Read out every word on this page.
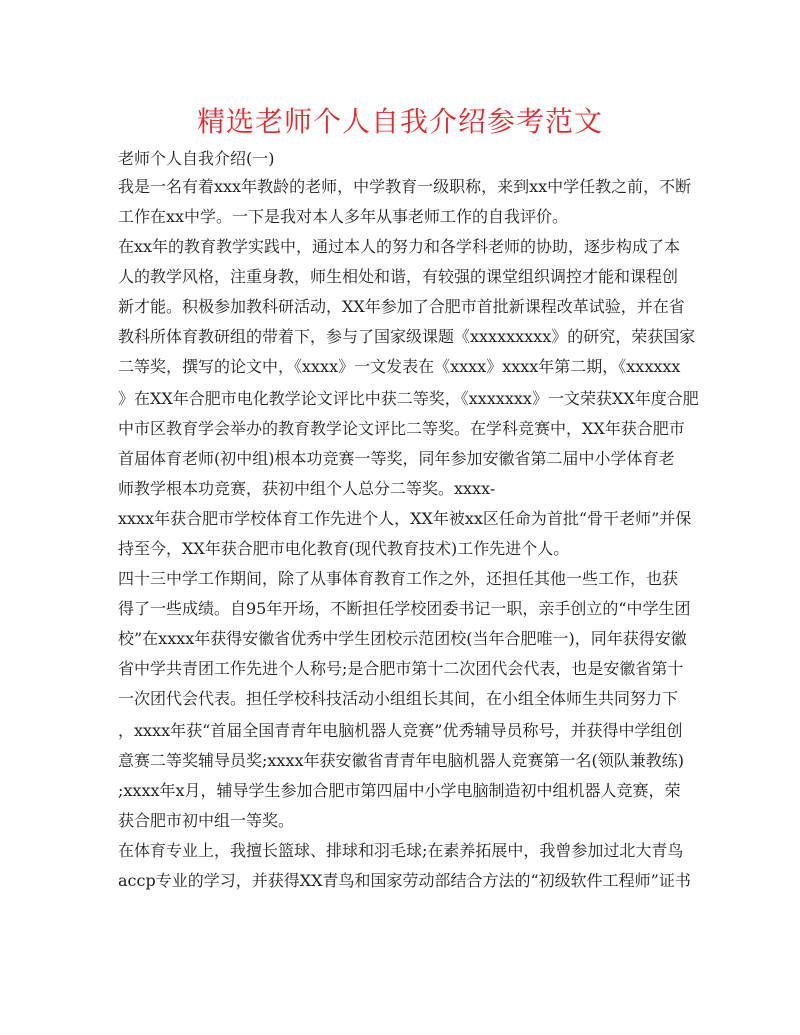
精选老师个人自我介绍参考范文
老师个人自我介绍(一)
我是一名有着xxx年教龄的老师，中学教育一级职称，来到xx中学任教之前，不断
工作在xx中学。一下是我对本人多年从事老师工作的自我评价。
在xx年的教育教学实践中，通过本人的努力和各学科老师的协助，逐步构成了本
人的教学风格，注重身教，师生相处和谐，有较强的课堂组织调控才能和课程创
新才能。积极参加教科研活动，XX年参加了合肥市首批新课程改革试验，并在省
教科所体育教研组的带着下，参与了国家级课题《xxxxxxxxx》的研究，荣获国家
二等奖，撰写的论文中，《xxxx》一文发表在《xxxx》xxxx年第二期，《xxxxxx
》在XX年合肥市电化教学论文评比中获二等奖，《xxxxxxx》一文荣获XX年度合肥
中市区教育学会举办的教育教学论文评比二等奖。在学科竞赛中，XX年获合肥市
首届体育老师(初中组)根本功竞赛一等奖，同年参加安徽省第二届中小学体育老
师教学根本功竞赛，获初中组个人总分二等奖。xxxx-
xxxx年获合肥市学校体育工作先进个人，XX年被xx区任命为首批“骨干老师”并保
持至今，XX年获合肥市电化教育(现代教育技术)工作先进个人。
四十三中学工作期间，除了从事体育教育工作之外，还担任其他一些工作，也获
得了一些成绩。自95年开场，不断担任学校团委书记一职，亲手创立的“中学生团
校”在xxxx年获得安徽省优秀中学生团校示范团校(当年合肥唯一)，同年获得安徽
省中学共青团工作先进个人称号;是合肥市第十二次团代会代表，也是安徽省第十
一次团代会代表。担任学校科技活动小组组长其间，在小组全体师生共同努力下
，xxxx年获“首届全国青青年电脑机器人竞赛”优秀辅导员称号，并获得中学组创
意赛二等奖辅导员奖;xxxx年获安徽省青青年电脑机器人竞赛第一名(领队兼教练)
;xxxx年x月，辅导学生参加合肥市第四届中小学电脑制造初中组机器人竞赛，荣
获合肥市初中组一等奖。
在体育专业上，我擅长篮球、排球和羽毛球;在素养拓展中，我曾参加过北大青鸟
accp专业的学习，并获得XX青鸟和国家劳动部结合方法的“初级软件工程师”证书
